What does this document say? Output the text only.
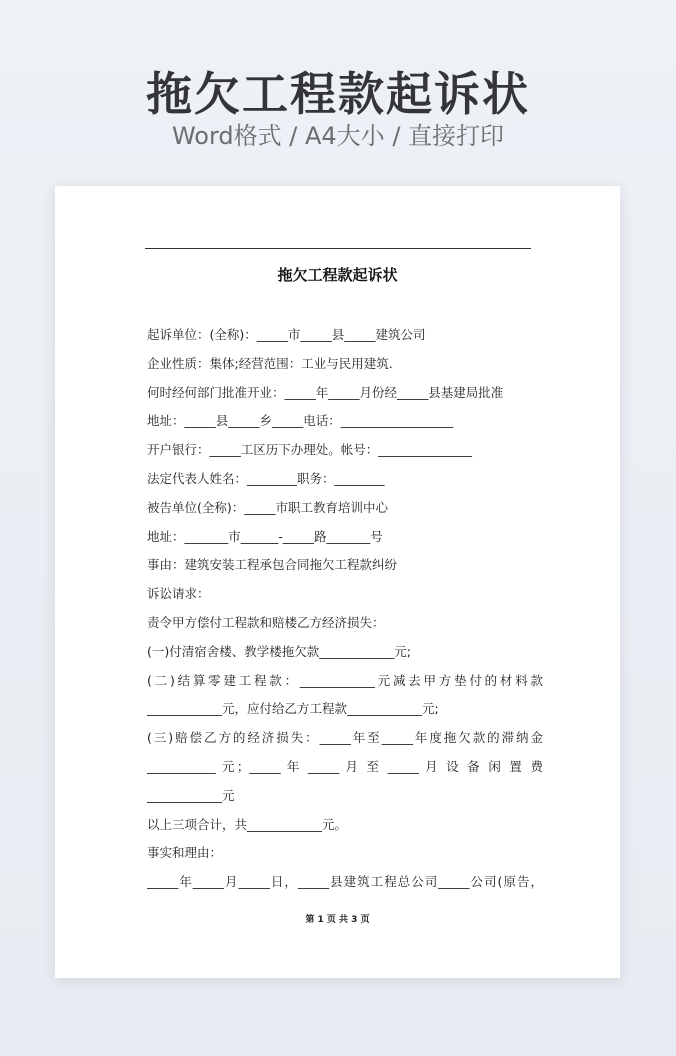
拖欠工程款起诉状
Word格式 / A4大小 / 直接打印
拖欠工程款起诉状
起诉单位：(全称)：_____市_____县_____建筑公司
企业性质：集体;经营范围：工业与民用建筑.
何时经何部门批准开业：_____年_____月份经_____县基建局批准
地址：_____县_____乡_____电话：__________________
开户银行：_____工区历下办理处。帐号：_______________
法定代表人姓名：________职务：________
被告单位(全称)：_____市职工教育培训中心
地址：_______市______-_____路_______号
事由：建筑安装工程承包合同拖欠工程款纠纷
诉讼请求：
责令甲方偿付工程款和赔楼乙方经济损失：
(一)付清宿舍楼、教学楼拖欠款____________元;
(二)结算零建工程款：____________元减去甲方垫付的材料款
____________元，应付给乙方工程款____________元;
(三)赔偿乙方的经济损失：_____年至_____年度拖欠款的滞纳金
___________ 元；_____ 年 _____ 月 至 _____ 月 设 备 闲 置 费
____________元
以上三项合计，共____________元。
事实和理由：
_____年_____月_____日，_____县建筑工程总公司_____公司(原告，
第 1 页 共 3 页
